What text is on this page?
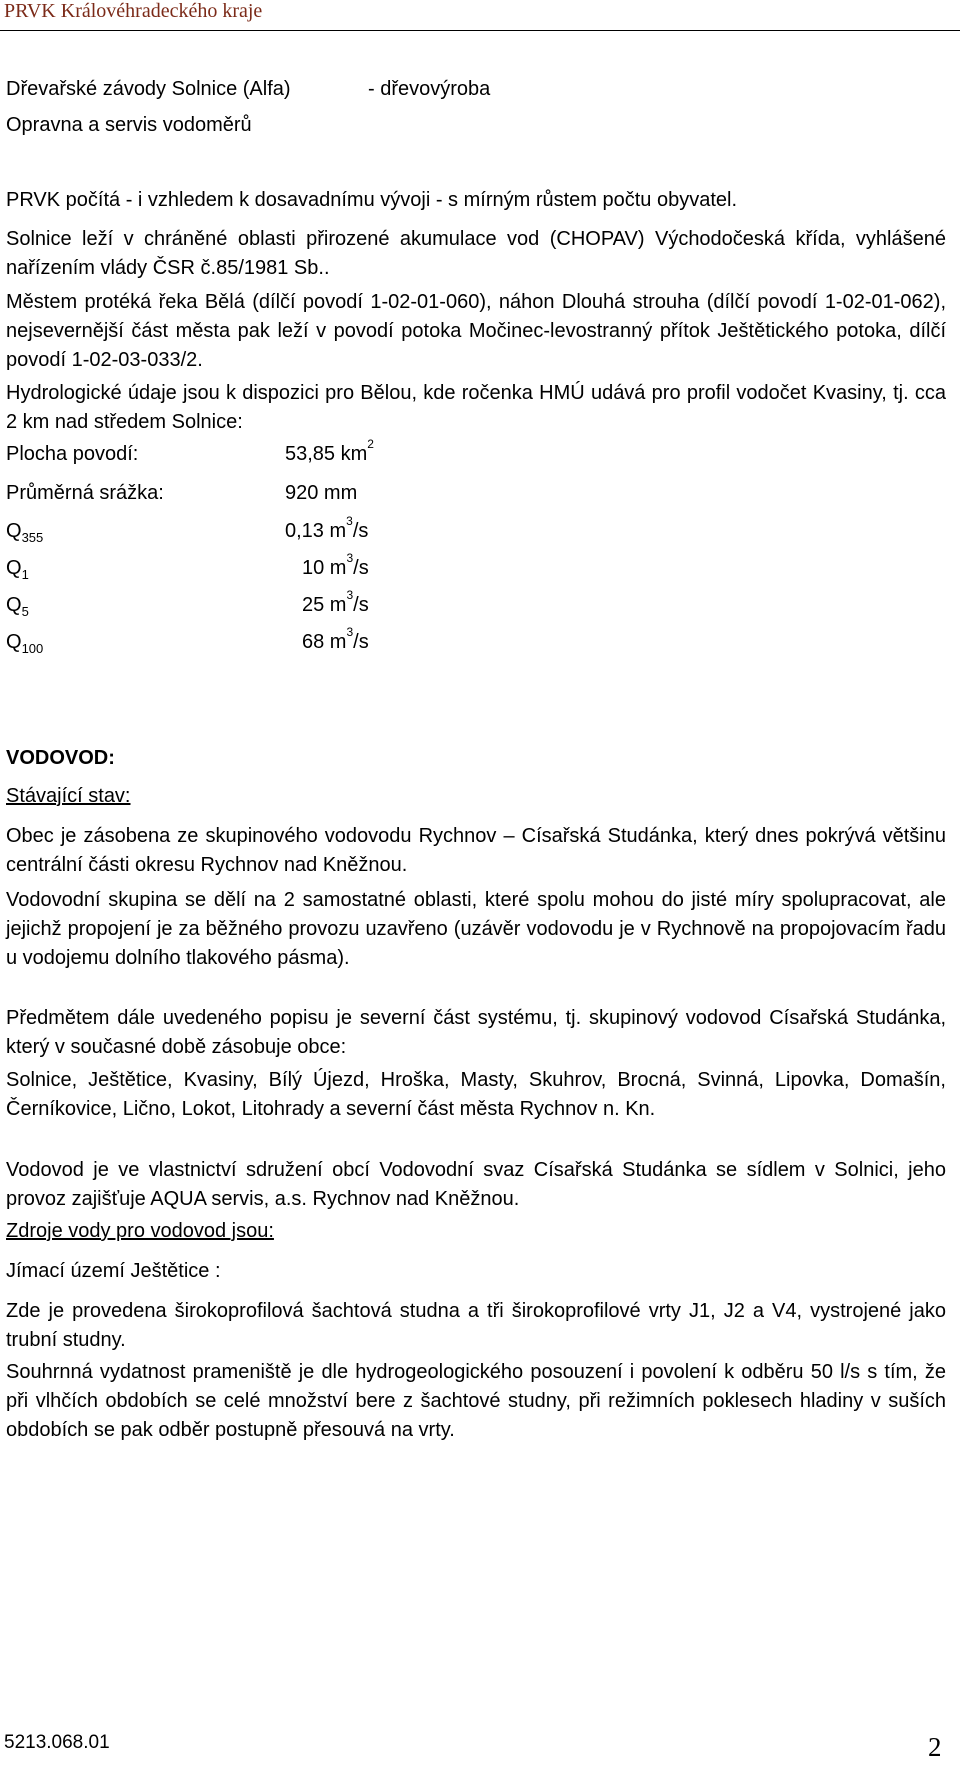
PRVK Královéhradeckého kraje
Dřevařské závody Solnice (Alfa)	- dřevovýroba
Opravna a servis vodoměrů
PRVK počítá - i vzhledem k dosavadnímu vývoji - s mírným růstem počtu obyvatel.
Solnice leží v chráněné oblasti přirozené akumulace vod (CHOPAV) Východočeská křída, vyhlášené nařízením vlády ČSR č.85/1981 Sb..
Městem protéká řeka Bělá (dílčí povodí 1-02-01-060), náhon Dlouhá strouha (dílčí povodí 1-02-01-062), nejsevernější část města pak leží v povodí potoka Močinec-levostranný přítok Ještětického potoka, dílčí povodí 1-02-03-033/2.
Hydrologické údaje jsou k dispozici pro Bělou, kde ročenka HMÚ udává pro profil vodočet Kvasiny, tj. cca 2 km nad středem Solnice:
Plocha povodí:	53,85 $km^2$
Průměrná srážka:	920 mm
$Q_{355}$	0,13 $m^3/s$
$Q_1$	10 $m^3/s$
$Q_5$	25 $m^3/s$
$Q_{100}$	68 $m^3/s$
VODOVOD:
Stávající stav:
Obec je zásobena ze skupinového vodovodu Rychnov – Císařská Studánka, který dnes pokrývá většinu centrální části okresu Rychnov nad Kněžnou.
Vodovodní skupina se dělí na 2 samostatné oblasti, které spolu mohou do jisté míry spolupracovat, ale jejichž propojení je za běžného provozu uzavřeno (uzávěr vodovodu je v Rychnově na propojovacím řadu u vodojemu dolního tlakového pásma).
Předmětem dále uvedeného popisu je severní část systému, tj. skupinový vodovod Císařská Studánka, který v současné době zásobuje obce:
Solnice, Ještětice, Kvasiny, Bílý Újezd, Hroška, Masty, Skuhrov, Brocná, Svinná, Lipovka, Domašín, Černíkovice, Lično, Lokot, Litohrady a severní část města Rychnov n. Kn.
Vodovod je ve vlastnictví sdružení obcí Vodovodní svaz Císařská Studánka se sídlem v Solnici, jeho provoz zajišťuje AQUA servis, a.s. Rychnov nad Kněžnou.
Zdroje vody pro vodovod jsou:
Jímací území Ještětice :
Zde je provedena širokoprofilová šachtová studna a tři širokoprofilové vrty J1, J2 a V4, vystrojené jako trubní studny.
Souhrnná vydatnost prameniště je dle hydrogeologického posouzení i povolení k odběru 50 l/s s tím, že při vlhčích obdobích se celé množství bere z šachtové studny, při režimních poklesech hladiny v suších obdobích se pak odběr postupně přesouvá na vrty.
5213.068.01	2
